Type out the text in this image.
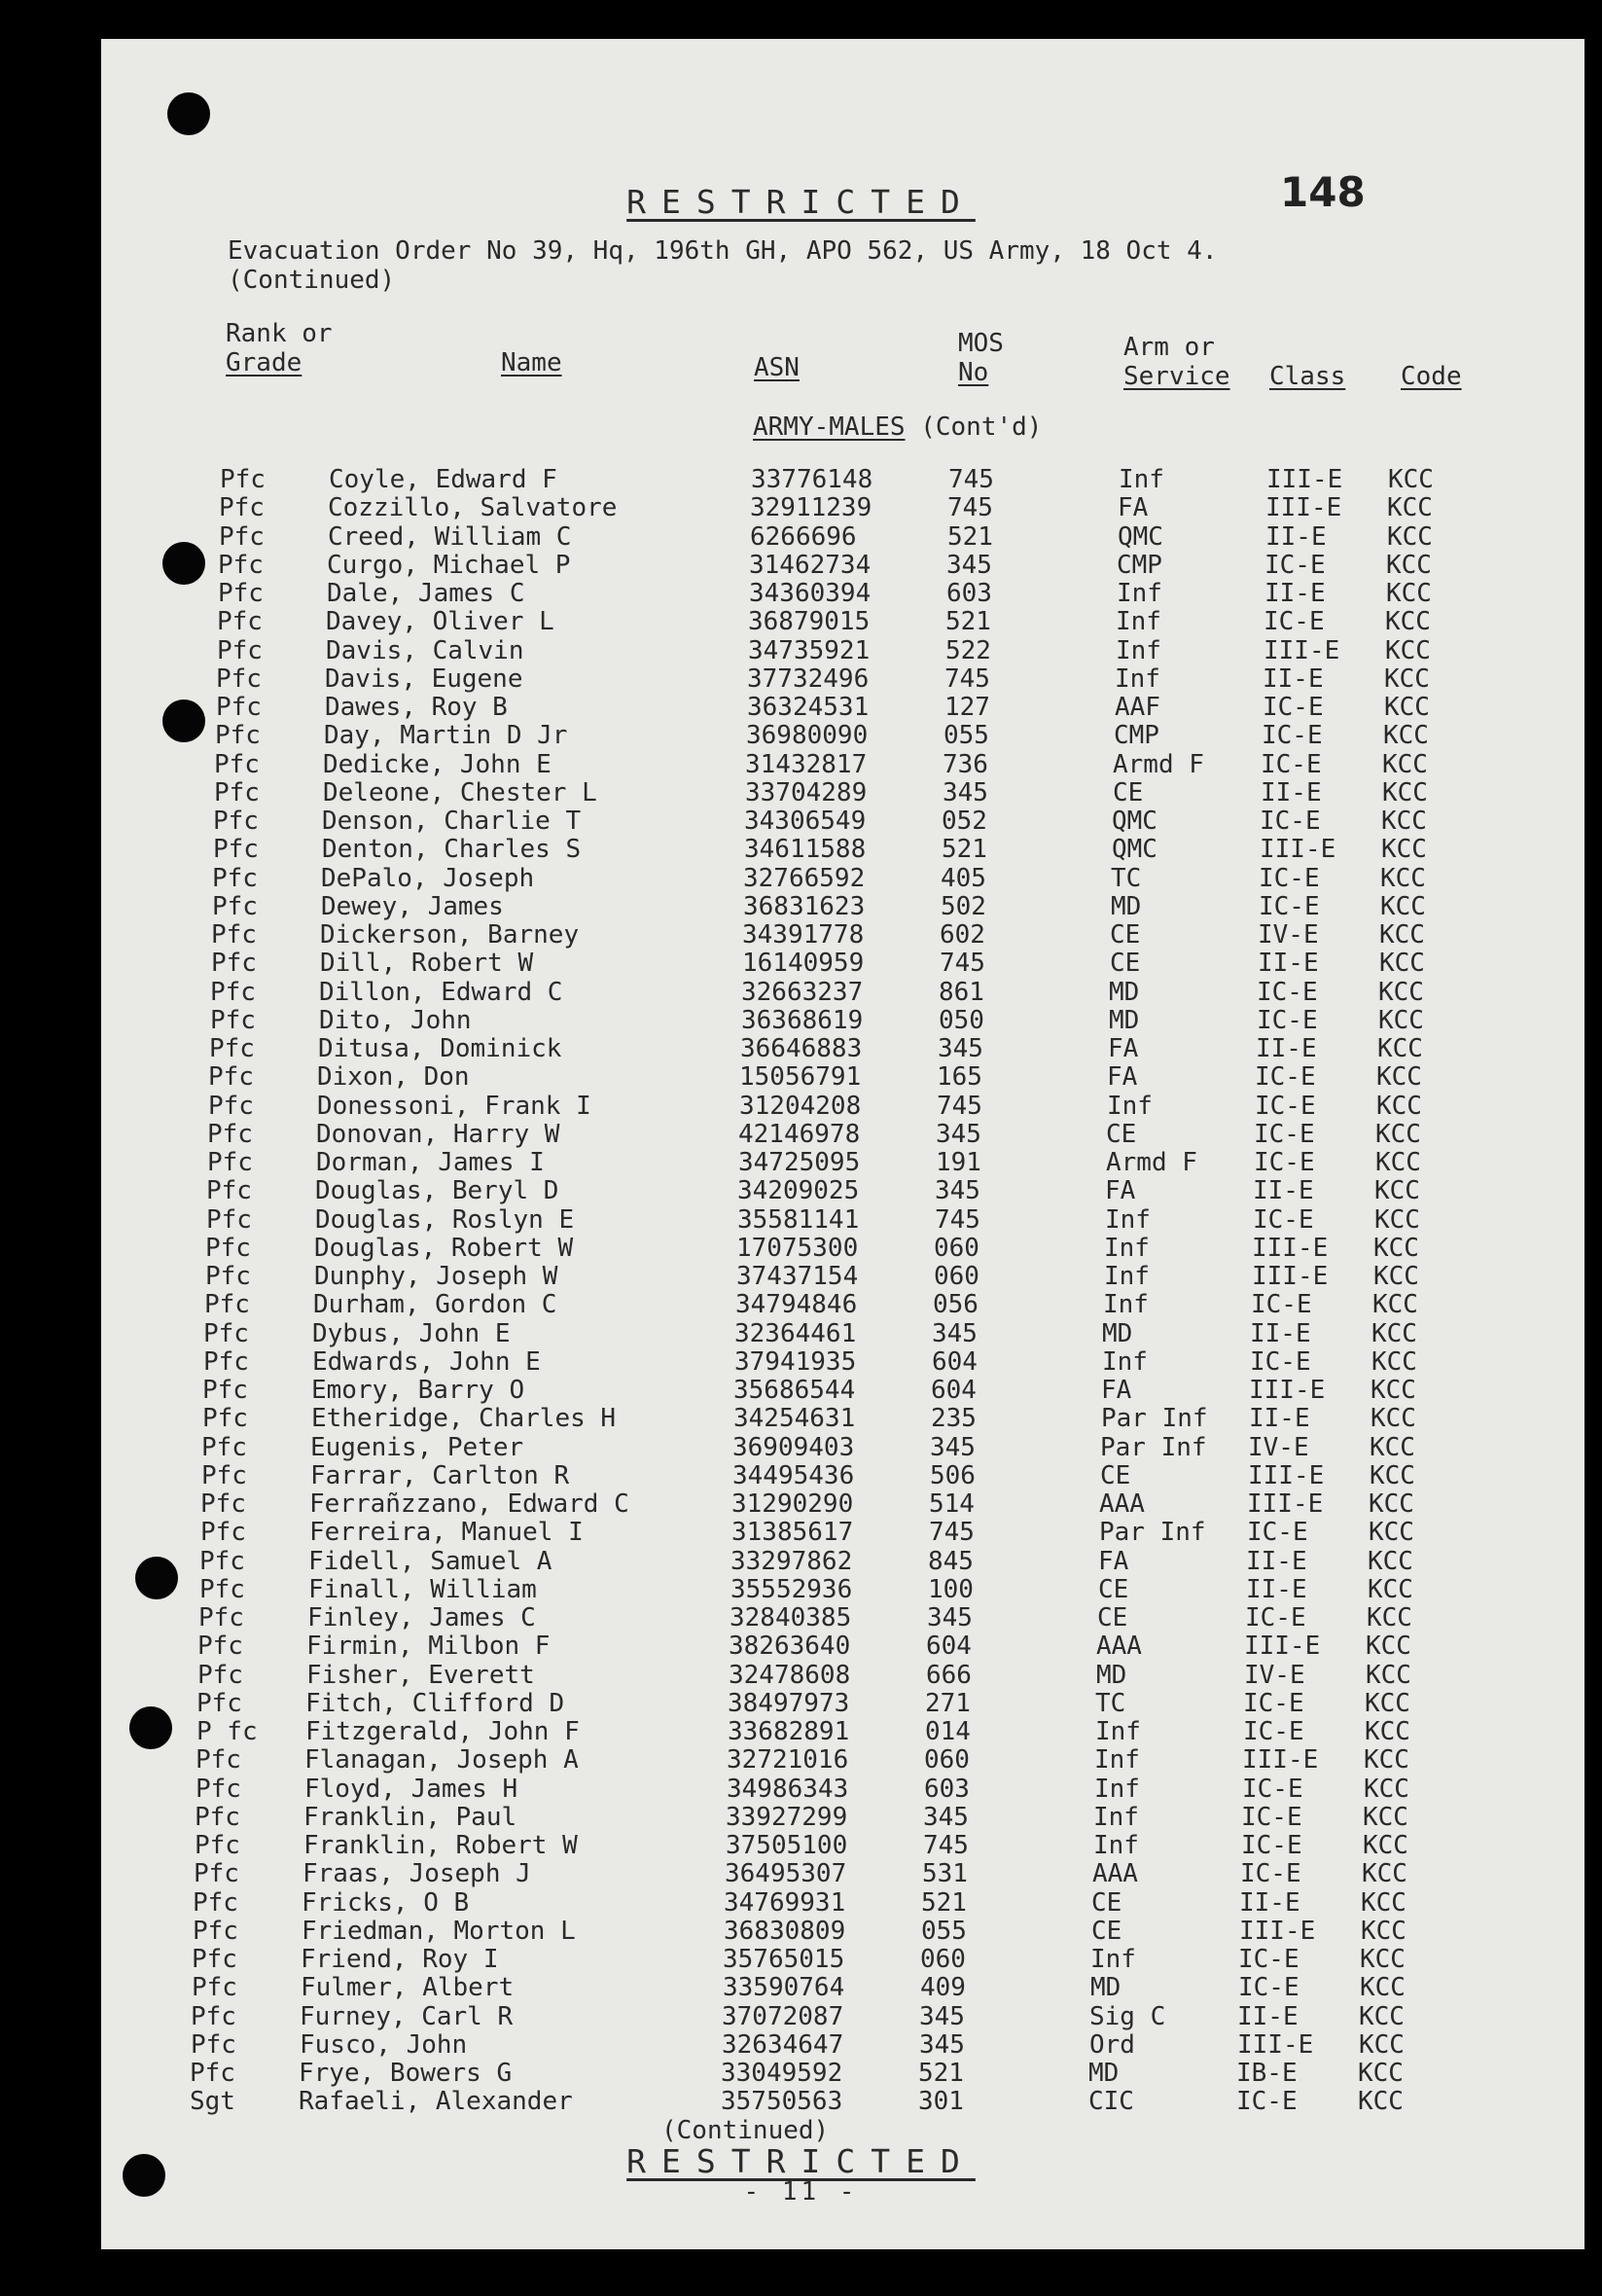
RESTRICTED	148
Evacuation Order No 39, Hq, 196th GH, APO 562, US Army, 18 Oct 4.
(Continued)
Rank or
Grade	Name	ASN
MOS
No
Arm or
Service Class Code
ARMY-MALES (Cont'd)
Pfc	Coyle, Edward F	33776148	745	Inf	III-E KCC
Pfc	Cozzillo, Salvatore	32911239	745	FA	III-E KCC
Pfc	Creed, William C	6266696	521	QMC	II-E KCC
Pfc	Curgo, Michael P	31462734	345	CMP	IC-E KCC
Pfc	Dale, James C	34360394	603	Inf	II-E KCC
Pfc	Davey, Oliver L	36879015	521	Inf	IC-E KCC
Pfc	Davis, Calvin	34735921	522	Inf	III-E KCC
Pfc	Davis, Eugene	37732496	745	Inf	II-E KCC
Pfc	Dawes, Roy B	36324531	127	AAF	IC-E KCC
Pfc	Day, Martin D Jr	36980090	055	CMP	IC-E KCC
Pfc	Dedicke, John E	31432817	736	Armd F IC-E KCC
Pfc	Deleone, Chester L	33704289	345	CE	II-E KCC
Pfc	Denson, Charlie T	34306549	052	QMC	IC-E KCC
Pfc	Denton, Charles S	34611588	521	QMC	III-E KCC
Pfc	DePalo, Joseph	32766592	405	TC	IC-E KCC
Pfc	Dewey, James	36831623	502	MD	IC-E KCC
Pfc	Dickerson, Barney	34391778	602	CE	IV-E KCC
Pfc	Dill, Robert W	16140959	745	CE	II-E KCC
Pfc	Dillon, Edward C	32663237	861	MD	IC-E KCC
Pfc	Dito, John	36368619	050	MD	IC-E KCC
Pfc	Ditusa, Dominick	36646883	345	FA	II-E KCC
Pfc	Dixon, Don	15056791	165	FA	IC-E KCC
Pfc	Donessoni, Frank I	31204208	745	Inf	IC-E KCC
Pfc	Donovan, Harry W	42146978	345	CE	IC-E KCC
Pfc	Dorman, James I	34725095	191	Armd F IC-E KCC
Pfc	Douglas, Beryl D	34209025	345	FA	II-E KCC
Pfc	Douglas, Roslyn E	35581141	745	Inf	IC-E KCC
Pfc	Douglas, Robert W	17075300	060	Inf	III-E KCC
Pfc	Dunphy, Joseph W	37437154	060	Inf	III-E KCC
Pfc	Durham, Gordon C	34794846	056	Inf	IC-E KCC
Pfc	Dybus, John E	32364461	345	MD	II-E KCC
Pfc	Edwards, John E	37941935	604	Inf	IC-E KCC
Pfc	Emory, Barry O	35686544	604	FA	III-E KCC
Pfc	Etheridge, Charles H	34254631	235	Par Inf II-E KCC
Pfc	Eugenis, Peter	36909403	345	Par Inf IV-E KCC
Pfc	Farrar, Carlton R	34495436	506	CE	III-E KCC
Pfc	Ferrañzzano, Edward C	31290290	514	AAA	III-E KCC
Pfc	Ferreira, Manuel I	31385617	745	Par Inf IC-E KCC
Pfc	Fidell, Samuel A	33297862	845	FA	II-E KCC
Pfc	Finall, William	35552936	100	CE	II-E KCC
Pfc	Finley, James C	32840385	345	CE	IC-E KCC
Pfc	Firmin, Milbon F	38263640	604	AAA	III-E KCC
Pfc	Fisher, Everett	32478608	666	MD	IV-E KCC
Pfc	Fitch, Clifford D	38497973	271	TC	IC-E KCC
P fc Fitzgerald, John F	33682891	014	Inf	IC-E KCC
Pfc	Flanagan, Joseph A	32721016	060	Inf	III-E KCC
Pfc	Floyd, James H	34986343	603	Inf	IC-E KCC
Pfc	Franklin, Paul	33927299	345	Inf	IC-E KCC
Pfc	Franklin, Robert W	37505100	745	Inf	IC-E KCC
Pfc	Fraas, Joseph J	36495307	531	AAA	IC-E KCC
Pfc	Fricks, O B	34769931	521	CE	II-E KCC
Pfc	Friedman, Morton L	36830809	055	CE	III-E KCC
Pfc	Friend, Roy I	35765015	060	Inf	IC-E KCC
Pfc	Fulmer, Albert	33590764	409	MD	IC-E KCC
Pfc	Furney, Carl R	37072087	345	Sig C	II-E KCC
Pfc	Fusco, John	32634647	345	Ord	III-E KCC
Pfc	Frye, Bowers G	33049592	521	MD	IB-E KCC
Sgt	Rafaeli, Alexander	35750563	301	CIC	IC-E KCC
(Continued)
RESTRICTED
- 11 -
